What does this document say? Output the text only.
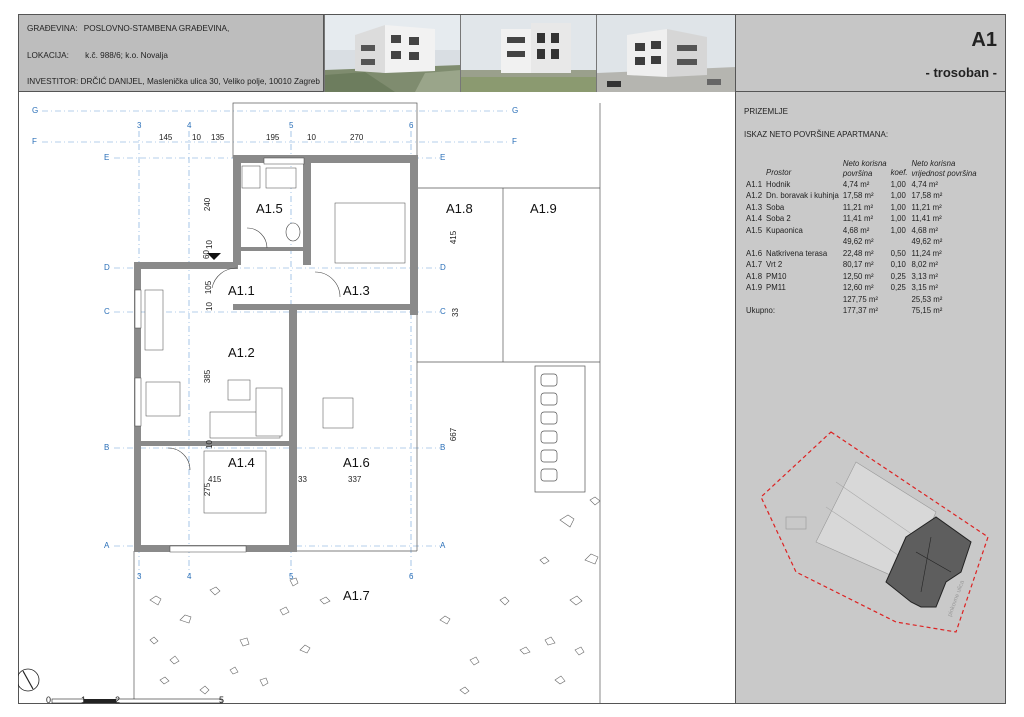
GRAĐEVINA: POSLOVNO-STAMBENA GRAĐEVINA,
LOKACIJA: k.č. 988/6; k.o. Novalja
INVESTITOR: DRČIĆ DANIJEL, Masleničkа ulica 30, Veliko polje, 10010 Zagreb
A1
- trosoban -
PRIZEMLJE
ISKAZ NETO POVRŠINE APARTMANA:
	Prostor	Neto korisna
površina	koef.	Neto korisna
vrijednost površina
A1.1	Hodnik	4,74 m²	1,00	4,74 m²
A1.2	Dn. boravak i kuhinja	17,58 m²	1,00	17,58 m²
A1.3	Soba	11,21 m²	1,00	11,21 m²
A1.4	Soba 2	11,41 m²	1,00	11,41 m²
A1.5	Kupaonica	4,68 m²	1,00	4,68 m²
		49,62 m²		49,62 m²
A1.6	Natkrivena terasa	22,48 m²	0,50	11,24 m²
A1.7	Vrt 2	80,17 m²	0,10	8,02 m²
A1.8	PM10	12,50 m²	0,25	3,13 m²
A1.9	PM11	12,60 m²	0,25	3,15 m²
		127,75 m²		25,53 m²
Ukupno:		177,37 m²		75,15 m²
pinkovne ulica
G	G
F	F
E	E
D	D
C	C
B	B
A	A
3	4	5	6
3	4	5	6
145 10 135	195	10	270
240
60
10
105
10
385
10
275
415
33
667
415	33	337
0	1	2	5
A1.5
A1.1	A1.3
A1.2
A1.4	A1.6
A1.8	A1.9
A1.7
